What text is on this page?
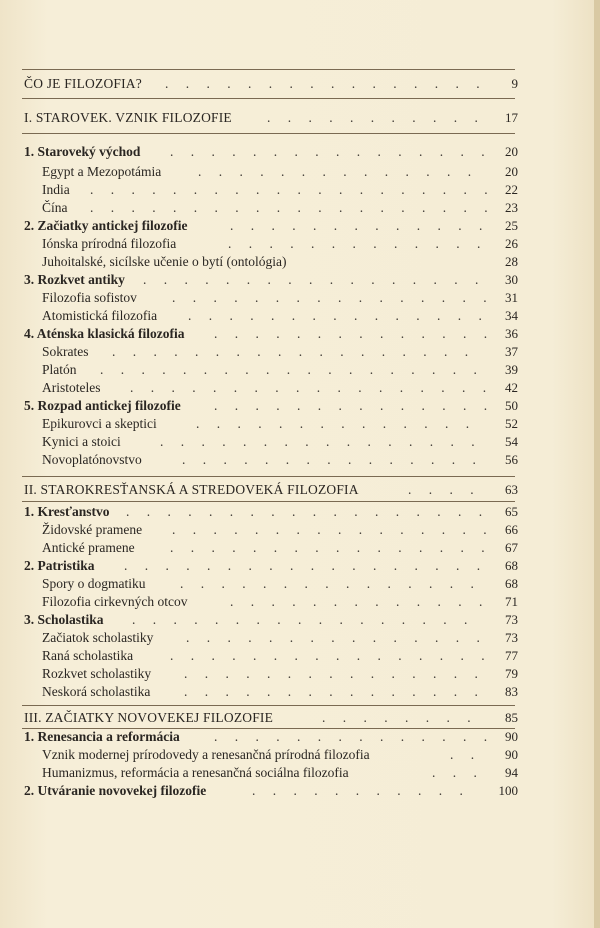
ČO JE FILOZOFIA? . . . . . . . . . . . . . . . . 9
I. STAROVEK. VZNIK FILOZOFIE	. . . . . . . . . . . 17
1. Staroveký východ . . . . . . . . . . . . . . . . 20
Egypt a Mezopotámia	. . . . . . . . . . . . . . 20
India . . . . . . . . . . . . . . . . . . . . 22
Čína . . . . . . . . . . . . . . . . . . . . 23
2. Začiatky antickej filozofie	. . . . . . . . . . . . . 25
Iónska prírodná filozofia	. . . . . . . . . . . . . 26
Juhoitalské, sicílske učenie o bytí (ontológia)	28
3. Rozkvet antiky . . . . . . . . . . . . . . . . . 30
Filozofia sofistov	. . . . . . . . . . . . . . . . 31
Atomistická filozofia . . . . . . . . . . . . . . . 34
4. Aténska klasická filozofia . . . . . . . . . . . . . . 36
Sokrates . . . . . . . . . . . . . . . . . . 37
Platón . . . . . . . . . . . . . . . . . . . 39
Aristoteles . . . . . . . . . . . . . . . . . . 42
5. Rozpad antickej filozofie . . . . . . . . . . . . . . 50
Epikurovci a skeptici	. . . . . . . . . . . . . . 52
Kynici a stoici	. . . . . . . . . . . . . . . . 54
Novoplatónovstvo	. . . . . . . . . . . . . . . 56
II. STAROKRESŤANSKÁ A STREDOVEKÁ FILOZOFIA	. . . . 63
1. Kresťanstvo . . . . . . . . . . . . . . . . . . 65
Židovské pramene . . . . . . . . . . . . . . . . 66
Antické pramene	. . . . . . . . . . . . . . . . 67
2. Patristika . . . . . . . . . . . . . . . . . . 68
Spory o dogmatiku	. . . . . . . . . . . . . . . 68
Filozofia cirkevných otcov	. . . . . . . . . . . . . 71
3. Scholastika . . . . . . . . . . . . . . . . . 73
Začiatok scholastiky . . . . . . . . . . . . . . . 73
Raná scholastika	. . . . . . . . . . . . . . . . 77
Rozkvet scholastiky . . . . . . . . . . . . . . . 79
Neskorá scholastika . . . . . . . . . . . . . . . 83
III. ZAČIATKY NOVOVEKEJ FILOZOFIE	. . . . . . . . 85
1. Renesancia a reformácia	. . . . . . . . . . . . . . 90
Vznik modernej prírodovedy a renesančná prírodná filozofia	. . 90
Humanizmus, reformácia a renesančná sociálna filozofia	. . . 94
2. Utváranie novovekej filozofie	. . . . . . . . . . . 100
